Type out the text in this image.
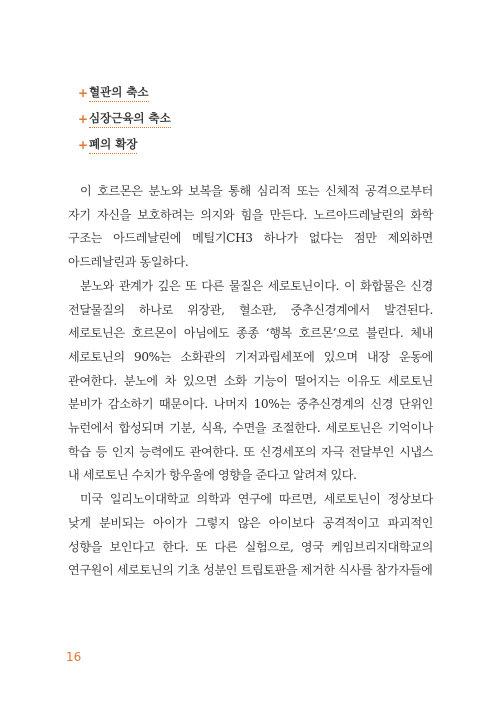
+ 혈관의 축소
+ 심장근육의 축소
+ 폐의 확장

이 호르몬은 분노와 보복을 통해 심리적 또는 신체적 공격으로부터 자기 자신을 보호하려는 의지와 힘을 만든다. 노르아드레날린의 화학 구조는 아드레날린에 메틸기CH3 하나가 없다는 점만 제외하면 아드레날린과 동일하다.

분노와 관계가 깊은 또 다른 물질은 세로토닌이다. 이 화합물은 신경 전달물질의 하나로 위장관, 혈소판, 중추신경계에서 발견된다. 세로토닌은 호르몬이 아님에도 종종 ‘행복 호르몬’으로 불린다. 체내 세로토닌의 90%는 소화관의 기저과립세포에 있으며 내장 운동에 관여한다. 분노에 차 있으면 소화 기능이 떨어지는 이유도 세로토닌 분비가 감소하기 때문이다. 나머지 10%는 중추신경계의 신경 단위인 뉴런에서 합성되며 기분, 식욕, 수면을 조절한다. 세로토닌은 기억이나 학습 등 인지 능력에도 관여한다. 또 신경세포의 자극 전달부인 시냅스 내 세로토닌 수치가 항우울에 영향을 준다고 알려져 있다.

미국 일리노이대학교 의학과 연구에 따르면, 세로토닌이 정상보다 낮게 분비되는 아이가 그렇지 않은 아이보다 공격적이고 파괴적인 성향을 보인다고 한다. 또 다른 실험으로, 영국 케임브리지대학교의 연구원이 세로토닌의 기초 성분인 트립토판을 제거한 식사를 참가자들에

16
